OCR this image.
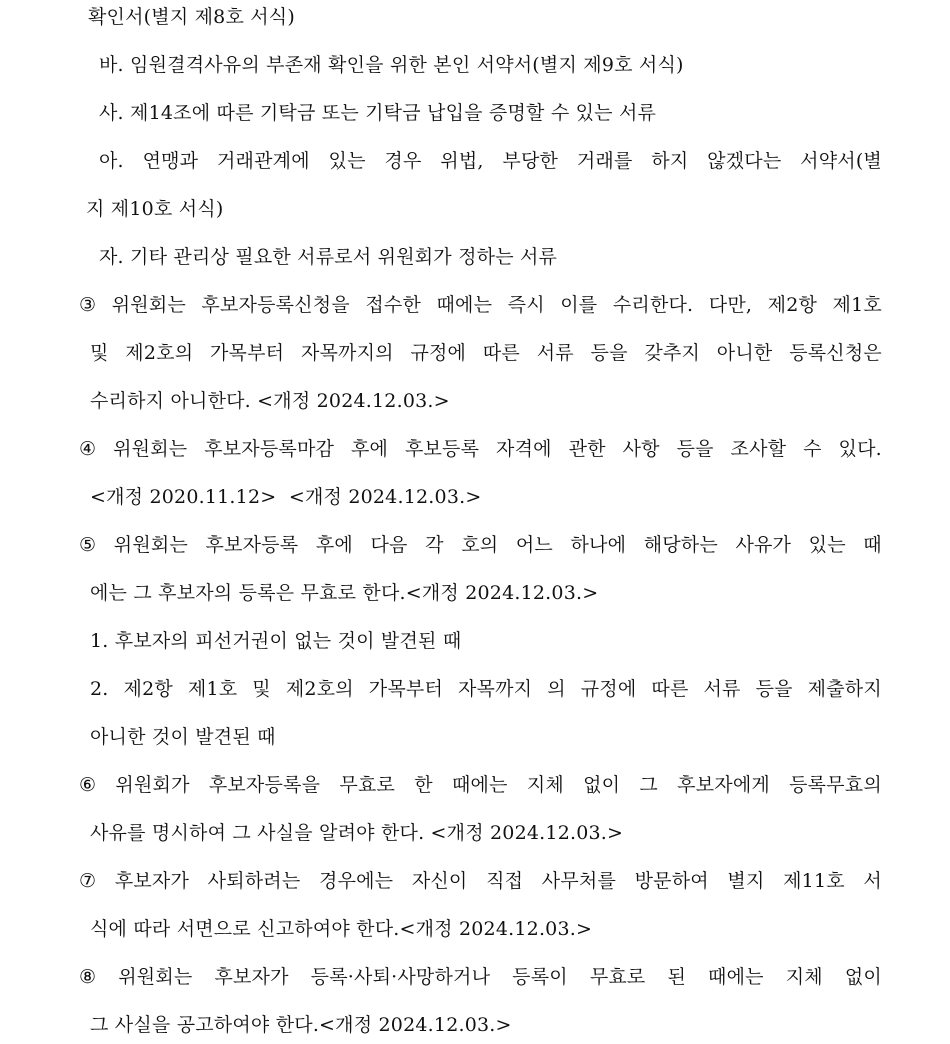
확인서(별지 제8호 서식)
바. 임원결격사유의 부존재 확인을 위한 본인 서약서(별지 제9호 서식)
사. 제14조에 따른 기탁금 또는 기탁금 납입을 증명할 수 있는 서류
아. 연맹과 거래관계에 있는 경우 위법, 부당한 거래를 하지 않겠다는 서약서(별
지 제10호 서식)
자. 기타 관리상 필요한 서류로서 위원회가 정하는 서류
③ 위원회는 후보자등록신청을 접수한 때에는 즉시 이를 수리한다. 다만, 제2항 제1호
및 제2호의 가목부터 자목까지의 규정에 따른 서류 등을 갖추지 아니한 등록신청은
수리하지 아니한다. <개정 2024.12.03.>
④ 위원회는 후보자등록마감 후에 후보등록 자격에 관한 사항 등을 조사할 수 있다.
<개정 2020.11.12>  <개정 2024.12.03.>
⑤ 위원회는 후보자등록 후에 다음 각 호의 어느 하나에 해당하는 사유가 있는 때
에는 그 후보자의 등록은 무효로 한다.<개정 2024.12.03.>
1. 후보자의 피선거권이 없는 것이 발견된 때
2. 제2항 제1호 및 제2호의 가목부터 자목까지 의 규정에 따른 서류 등을 제출하지
아니한 것이 발견된 때
⑥ 위원회가 후보자등록을 무효로 한 때에는 지체 없이 그 후보자에게 등록무효의
사유를 명시하여 그 사실을 알려야 한다. <개정 2024.12.03.>
⑦ 후보자가 사퇴하려는 경우에는 자신이 직접 사무처를 방문하여 별지 제11호 서
식에 따라 서면으로 신고하여야 한다.<개정 2024.12.03.>
⑧ 위원회는 후보자가 등록·사퇴·사망하거나 등록이 무효로 된 때에는 지체 없이
그 사실을 공고하여야 한다.<개정 2024.12.03.>
